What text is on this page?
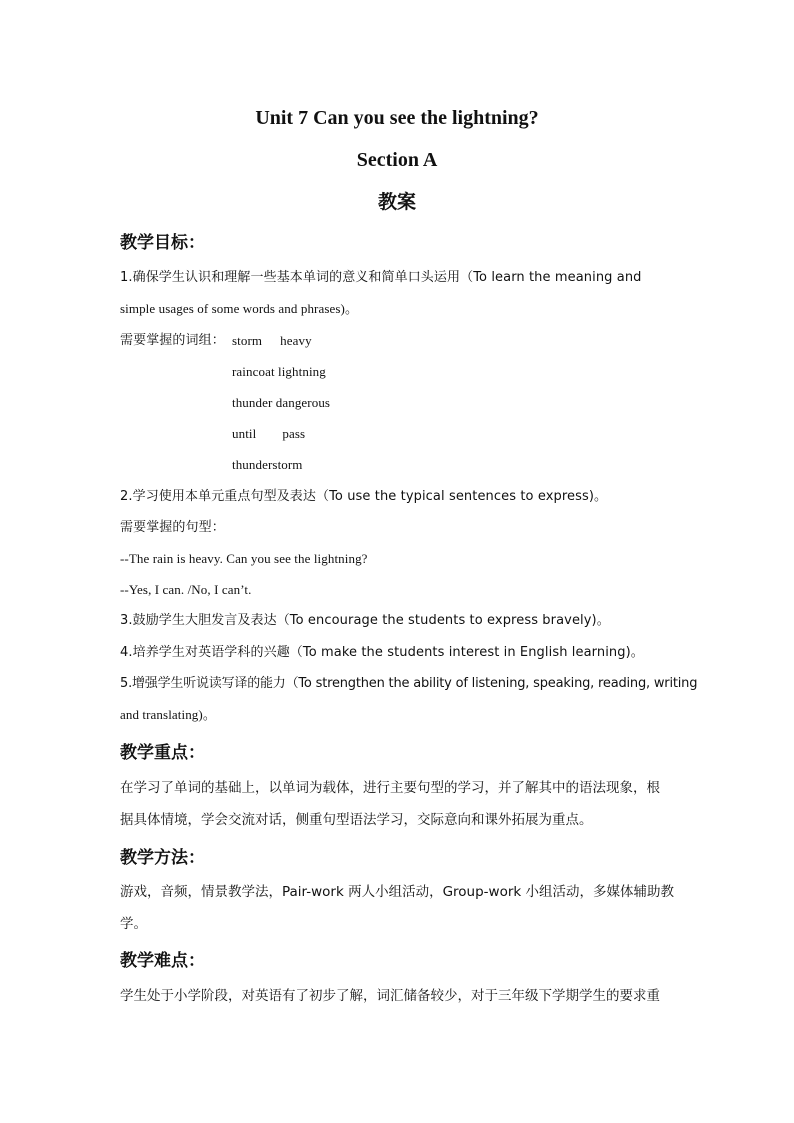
Unit 7 Can you see the lightning?
Section A
教案
教学目标：
1.确保学生认识和理解一些基本单词的意义和简单口头运用（To learn the meaning and
simple usages of some words and phrases)。
需要掌握的词组： storm heavy
raincoat lightning
thunder dangerous
until pass
thunderstorm
2.学习使用本单元重点句型及表达（To use the typical sentences to express)。
需要掌握的句型：
--The rain is heavy. Can you see the lightning?
--Yes, I can. /No, I can’t.
3.鼓励学生大胆发言及表达（To encourage the students to express bravely)。
4.培养学生对英语学科的兴趣（To make the students interest in English learning)。
5.增强学生听说读写译的能力（To strengthen the ability of listening, speaking, reading, writing
and translating)。
教学重点：
在学习了单词的基础上，以单词为载体，进行主要句型的学习，并了解其中的语法现象，根
据具体情境，学会交流对话，侧重句型语法学习，交际意向和课外拓展为重点。
教学方法：
游戏，音频，情景教学法，Pair-work 两人小组活动，Group-work 小组活动，多媒体辅助教
学。
教学难点：
学生处于小学阶段，对英语有了初步了解，词汇储备较少，对于三年级下学期学生的要求重
